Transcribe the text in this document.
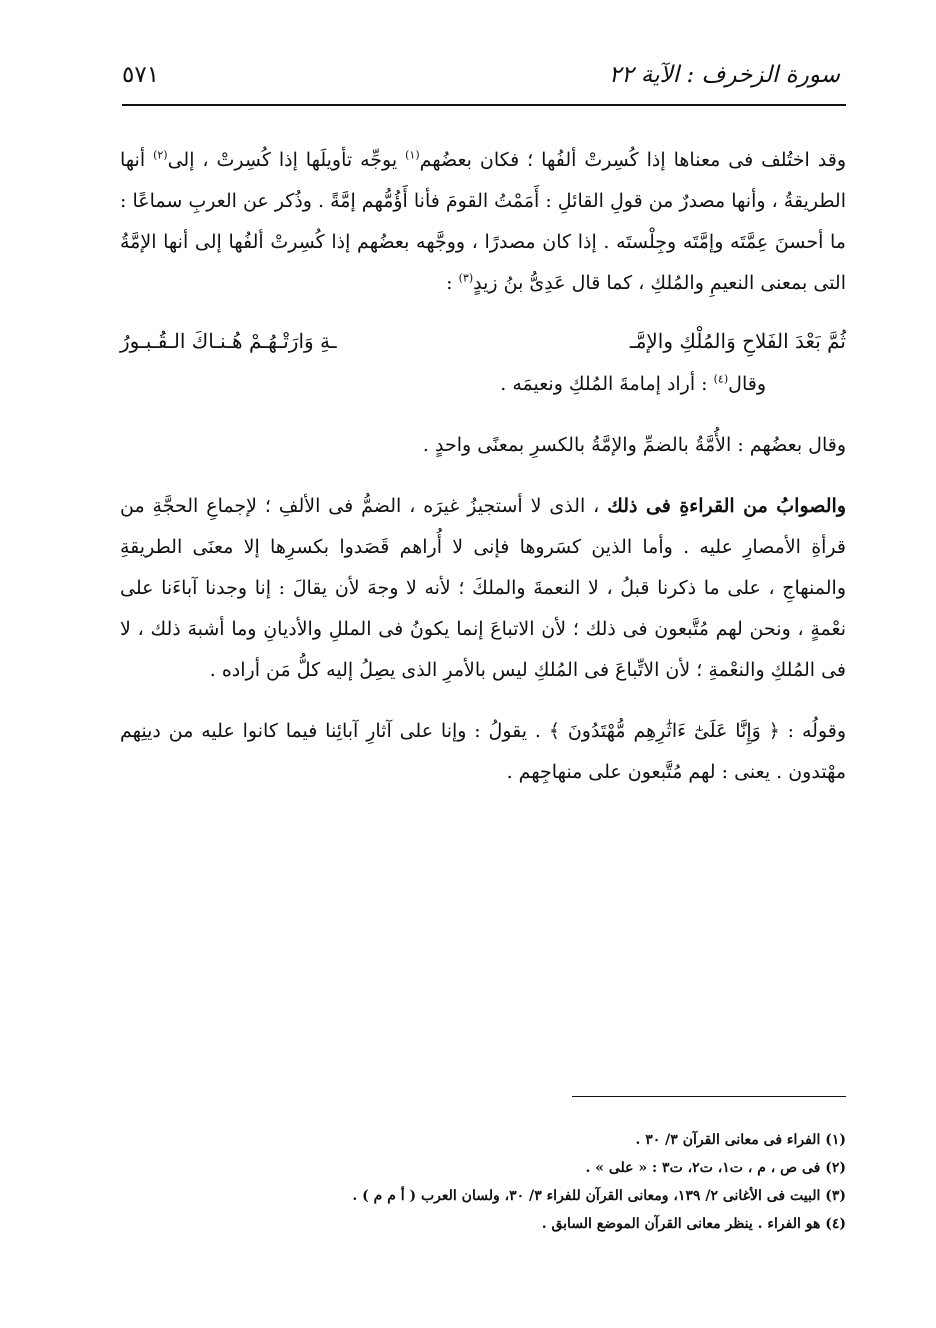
سورة الزخرف : الآية ٢٢
٥٧١

وقد اختُلف فى معناها إذا كُسِرتْ ألفُها ؛ فكان بعضُهم$^{(١)}$ يوجِّه تأويلَها إذا كُسِرتْ ، إلى$^{(٢)}$ أنها الطريقةُ ، وأنها مصدرٌ من قولِ القائلِ : أَمَمْتُ القومَ فأنا أَؤُمُّهم إمَّةً . وذُكر عن العربِ سماعًا : ما أحسنَ عِمَّتَه وإمَّتَه وجِلْستَه . إذا كان مصدرًا ، ووجَّهه بعضُهم إذا كُسِرتْ ألفُها إلى أنها الإمَّةُ التى بمعنى النعيمِ والمُلكِ ، كما قال عَدِىُّ بنُ زيدٍ$^{(٣)}$ :

ثُمَّ بَعْدَ الفَلاحِ وَالمُلْكِ والإمَّـ
ـةِ وَارَتْـهُـمْ هُـنـاكَ الـقُـبـورُ

وقال$^{(٤)}$ : أراد إمامةَ المُلكِ ونعيمَه .

وقال بعضُهم : الأُمَّةُ بالضمِّ والإمَّةُ بالكسرِ بمعنًى واحدٍ .

والصوابُ من القراءةِ فى ذلك ، الذى لا أستجيزُ غيرَه ، الضمُّ فى الألفِ ؛ لإجماعِ الحجَّةِ من قرأةِ الأمصارِ عليه . وأما الذين كسَروها فإنى لا أُراهم قَصَدوا بكسرِها إلا معنَى الطريقةِ والمنهاجِ ، على ما ذكرنا قبلُ ، لا النعمةَ والملكَ ؛ لأنه لا وجهَ لأن يقالَ : إنا وجدنا آباءَنا على نعْمةٍ ، ونحن لهم مُتَّبعون فى ذلك ؛ لأن الاتباعَ إنما يكونُ فى المللِ والأديانِ وما أشبهَ ذلك ، لا فى المُلكِ والنعْمةِ ؛ لأن الاتِّباعَ فى المُلكِ ليس بالأمرِ الذى يصِلُ إليه كلُّ مَن أراده .

وقولُه : ﴿ وَإِنَّا عَلَىٰٓ ءَاثَٰرِهِم مُّهْتَدُونَ ﴾ . يقولُ : وإنا على آثارِ آبائِنا فيما كانوا عليه من دينِهم مهْتدون . يعنى : لهم مُتَّبعون على منهاجِهم .

(١) الفراء فى معانى القرآن ٣/ ٣٠ .
(٢) فى ص ، م ، ت١، ت٢، ت٣ : « على » .
(٣) البيت فى الأغانى ٢/ ١٣٩، ومعانى القرآن للفراء ٣/ ٣٠، ولسان العرب ( أ م م ) .
(٤) هو الفراء . ينظر معانى القرآن الموضع السابق .
